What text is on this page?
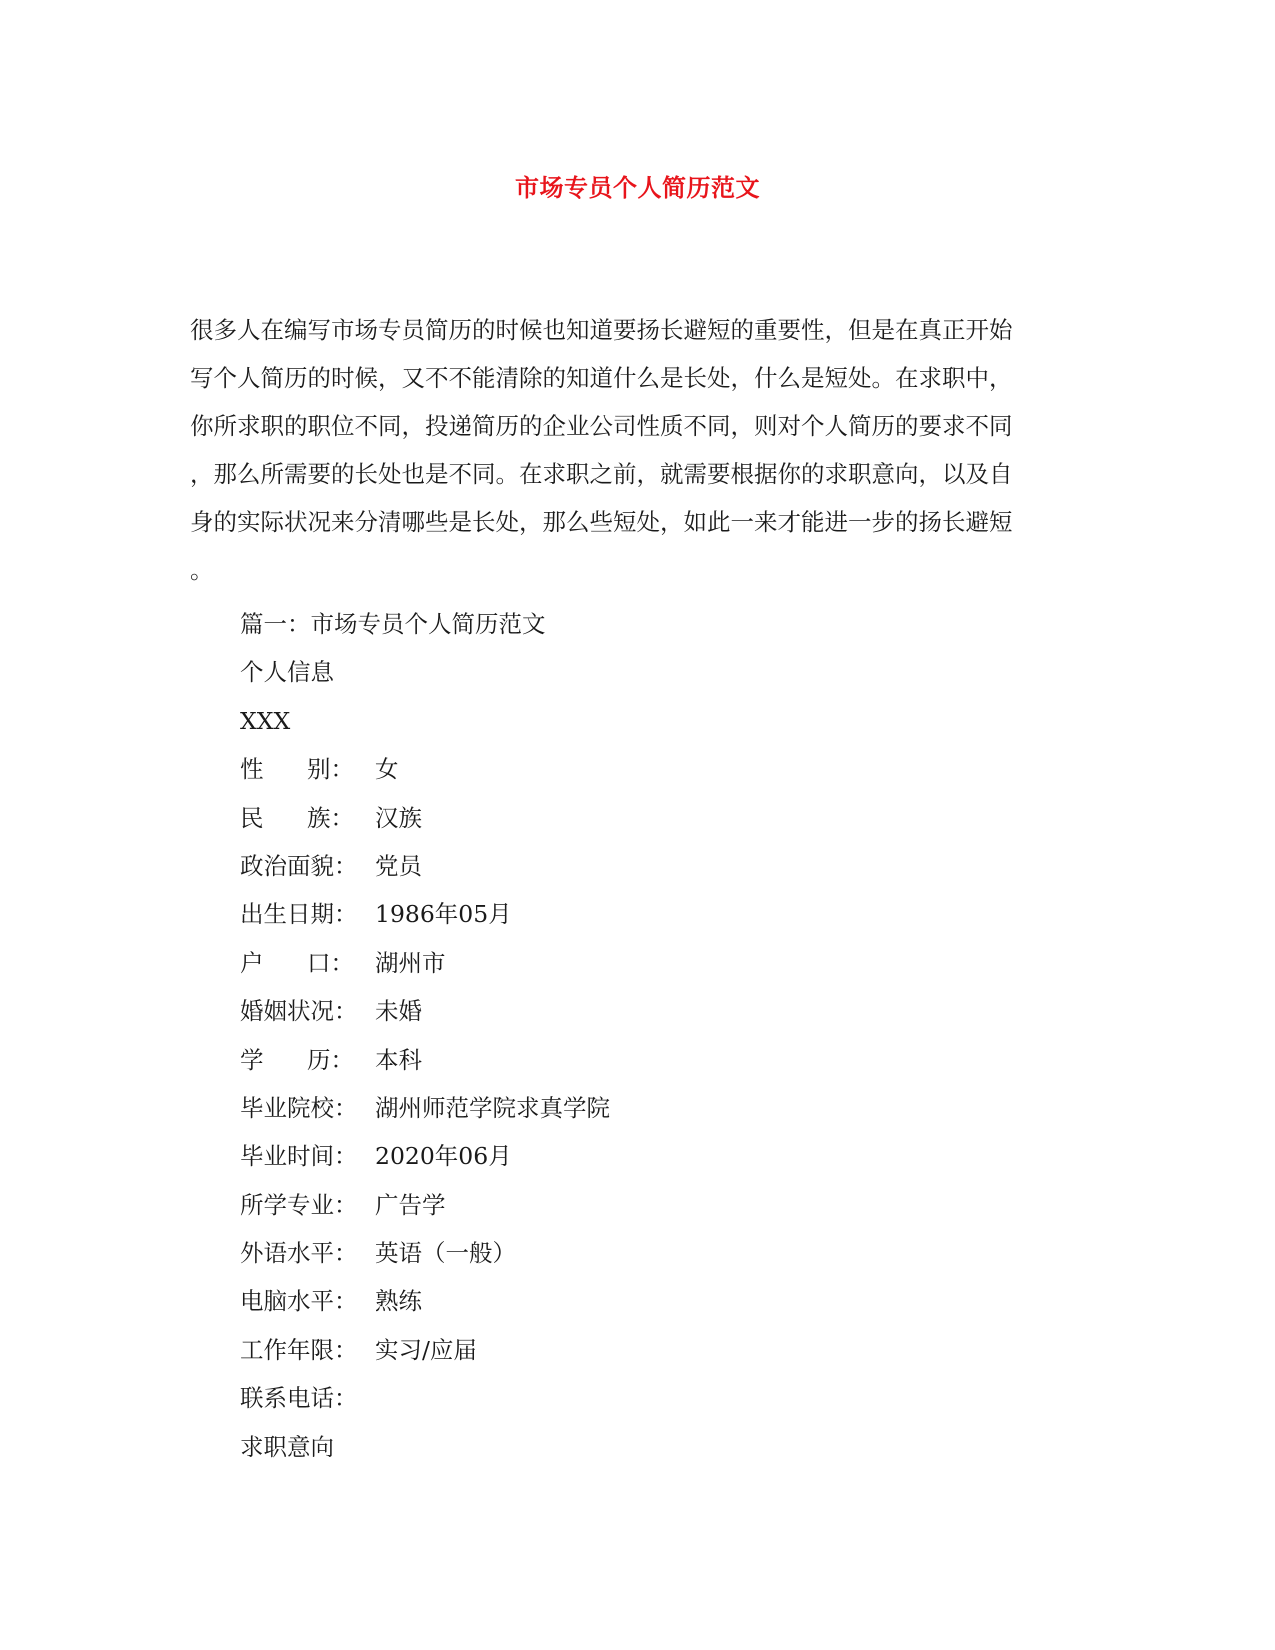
市场专员个人简历范文
很多人在编写市场专员简历的时候也知道要扬长避短的重要性，但是在真正开始
写个人简历的时候，又不不能清除的知道什么是长处，什么是短处。在求职中，
你所求职的职位不同，投递简历的企业公司性质不同，则对个人简历的要求不同
，那么所需要的长处也是不同。在求职之前，就需要根据你的求职意向，以及自
身的实际状况来分清哪些是长处，那么些短处，如此一来才能进一步的扬长避短
。
篇一：市场专员个人简历范文
个人信息
XXX
性 别： 女
民 族： 汉族
政治面貌： 党员
出生日期： 1986年05月
户 口： 湖州市
婚姻状况： 未婚
学 历： 本科
毕业院校： 湖州师范学院求真学院
毕业时间： 2020年06月
所学专业： 广告学
外语水平： 英语（一般）
电脑水平： 熟练
工作年限： 实习/应届
联系电话：
求职意向
